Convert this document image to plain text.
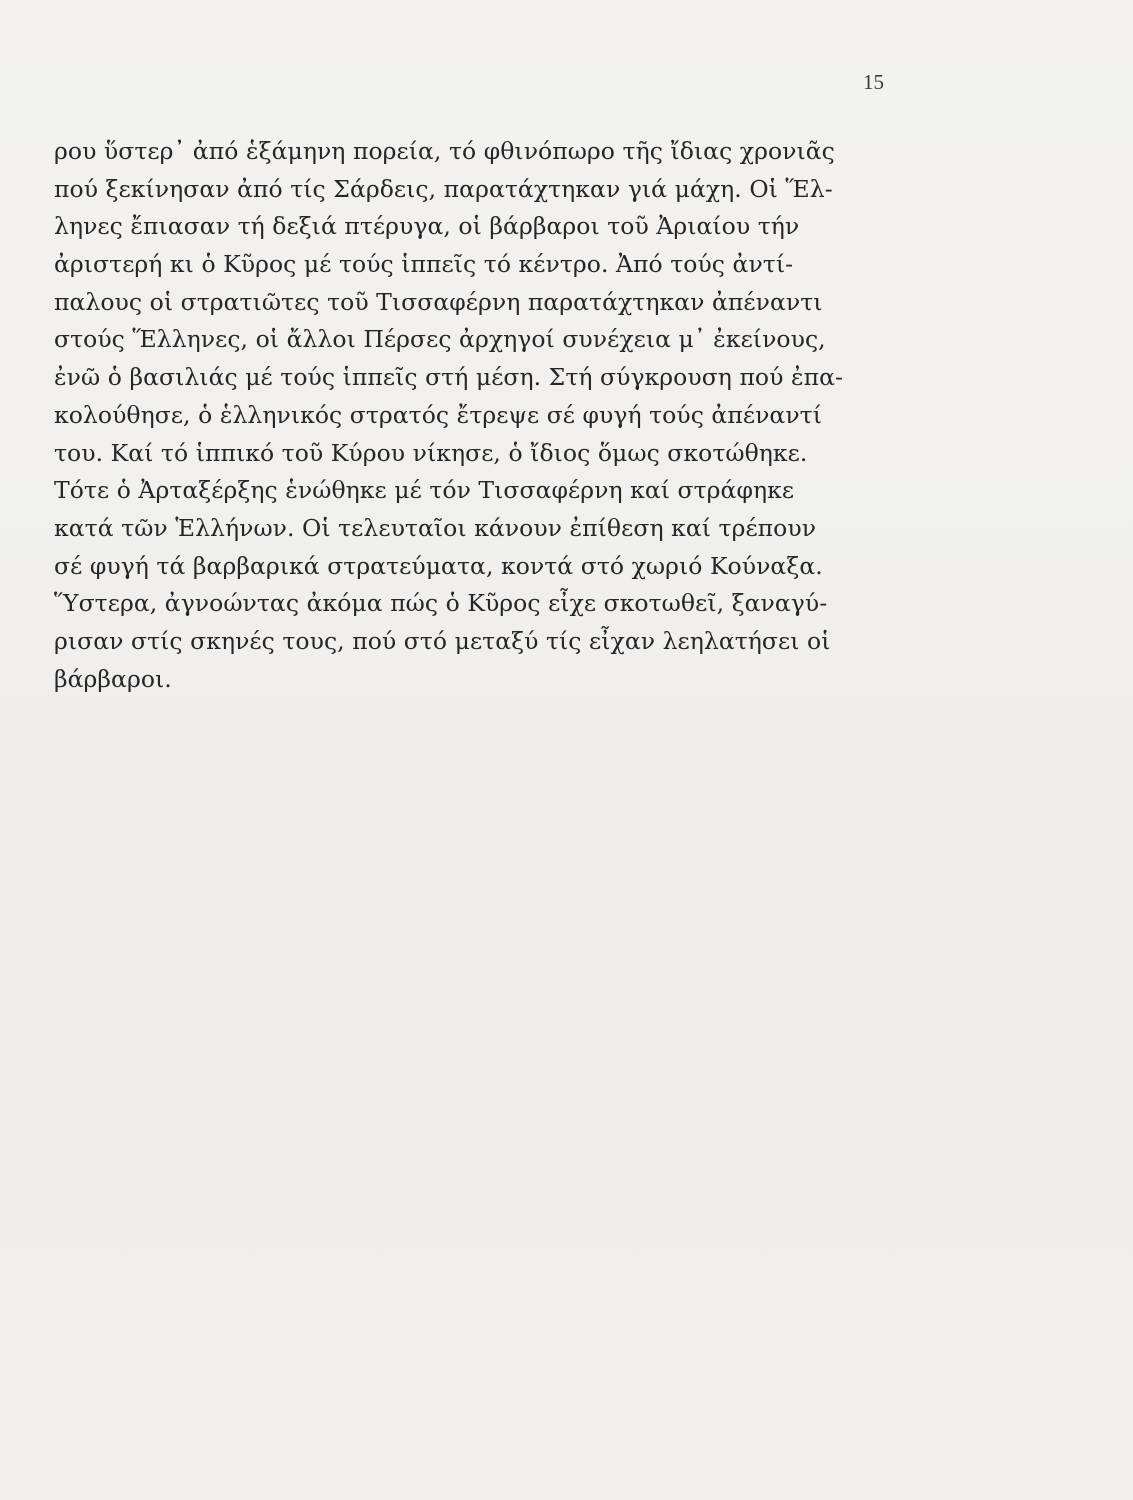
15
ρου ὕστερ᾿ ἀπό ἑξάμηνη πορεία, τό φθινόπωρο τῆς ἴδιας χρονιᾶς
πού ξεκίνησαν ἀπό τίς Σάρδεις, παρατάχτηκαν γιά μάχη. Οἱ Ἕλ-
ληνες ἔπιασαν τή δεξιά πτέρυγα, οἱ βάρβαροι τοῦ Ἀριαίου τήν
ἀριστερή κι ὁ Κῦρος μέ τούς ἱππεῖς τό κέντρο. Ἀπό τούς ἀντί-
παλους οἱ στρατιῶτες τοῦ Τισσαφέρνη παρατάχτηκαν ἀπέναντι
στούς Ἕλληνες, οἱ ἄλλοι Πέρσες ἀρχηγοί συνέχεια μ᾿ ἐκείνους,
ἐνῶ ὁ βασιλιάς μέ τούς ἱππεῖς στή μέση. Στή σύγκρουση πού ἐπα-
κολούθησε, ὁ ἑλληνικός στρατός ἔτρεψε σέ φυγή τούς ἀπέναντί
του. Καί τό ἱππικό τοῦ Κύρου νίκησε, ὁ ἴδιος ὅμως σκοτώθηκε.
Τότε ὁ Ἀρταξέρξης ἑνώθηκε μέ τόν Τισσαφέρνη καί στράφηκε
κατά τῶν Ἑλλήνων. Οἱ τελευταῖοι κάνουν ἐπίθεση καί τρέπουν
σέ φυγή τά βαρβαρικά στρατεύματα, κοντά στό χωριό Κούναξα.
Ὕστερα, ἀγνοώντας ἀκόμα πώς ὁ Κῦρος εἶχε σκοτωθεῖ, ξαναγύ-
ρισαν στίς σκηνές τους, πού στό μεταξύ τίς εἶχαν λεηλατήσει οἱ
βάρβαροι.
